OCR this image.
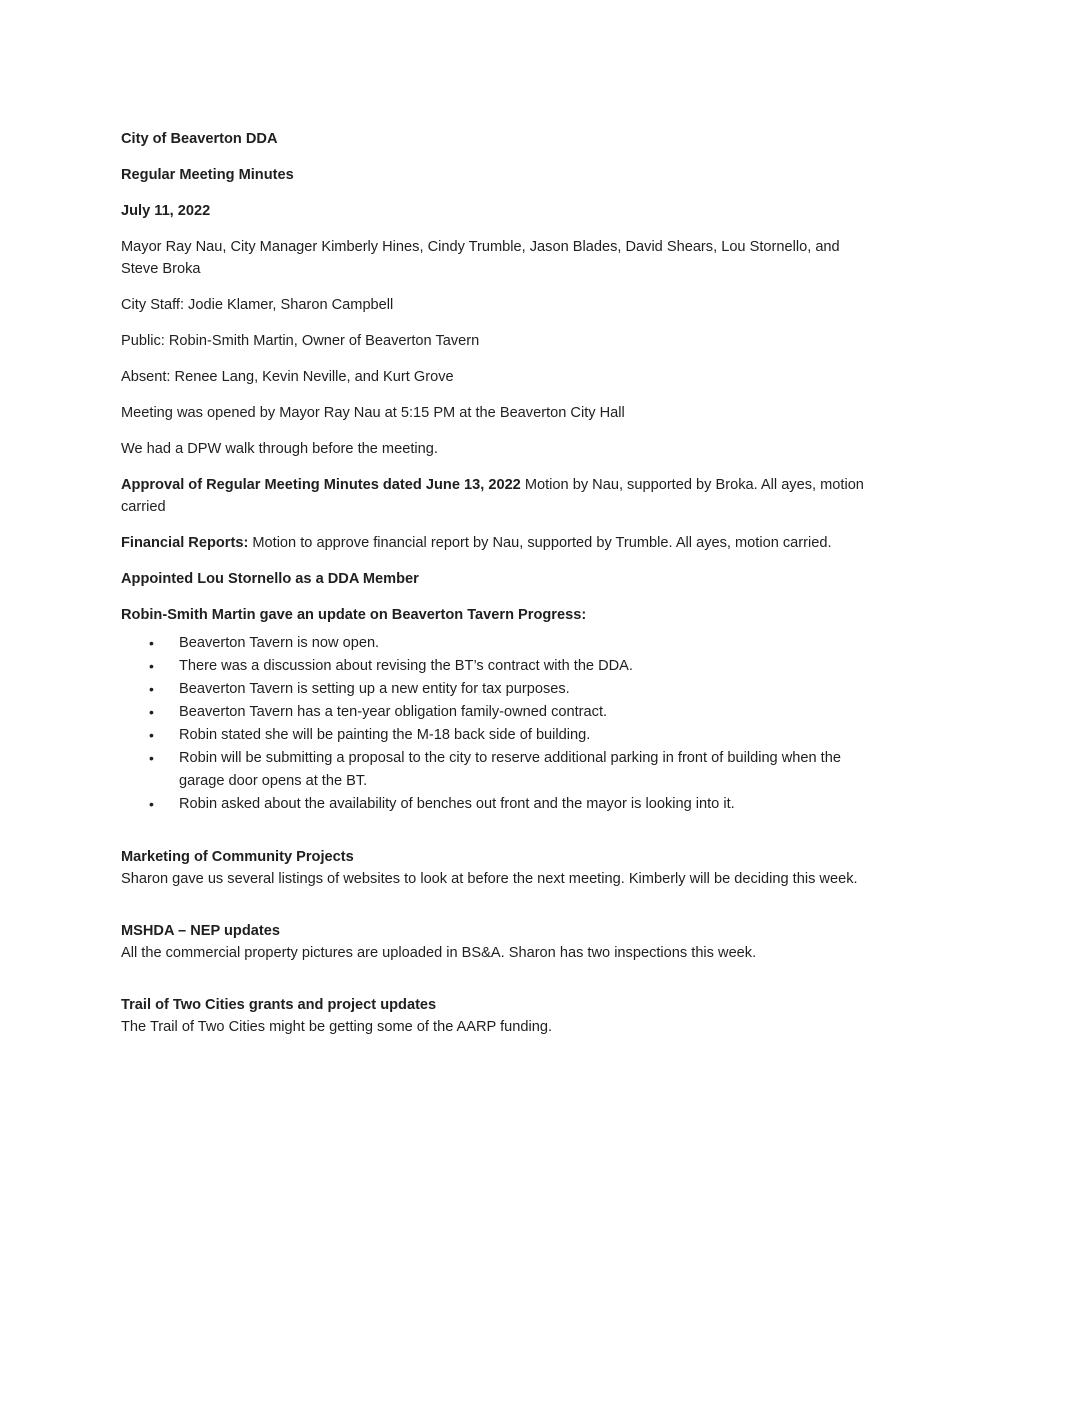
City of Beaverton DDA

Regular Meeting Minutes

July 11, 2022

Mayor Ray Nau, City Manager Kimberly Hines, Cindy Trumble, Jason Blades, David Shears, Lou Stornello, and Steve Broka

City Staff: Jodie Klamer, Sharon Campbell

Public: Robin-Smith Martin, Owner of Beaverton Tavern

Absent: Renee Lang, Kevin Neville, and Kurt Grove

Meeting was opened by Mayor Ray Nau at 5:15 PM at the Beaverton City Hall

We had a DPW walk through before the meeting.

Approval of Regular Meeting Minutes dated June 13, 2022 Motion by Nau, supported by Broka. All ayes, motion carried

Financial Reports: Motion to approve financial report by Nau, supported by Trumble. All ayes, motion carried.

Appointed Lou Stornello as a DDA Member

Robin-Smith Martin gave an update on Beaverton Tavern Progress:

• Beaverton Tavern is now open.
• There was a discussion about revising the BT’s contract with the DDA.
• Beaverton Tavern is setting up a new entity for tax purposes.
• Beaverton Tavern has a ten-year obligation family-owned contract.
• Robin stated she will be painting the M-18 back side of building.
• Robin will be submitting a proposal to the city to reserve additional parking in front of building when the garage door opens at the BT.
• Robin asked about the availability of benches out front and the mayor is looking into it.

Marketing of Community Projects

Sharon gave us several listings of websites to look at before the next meeting. Kimberly will be deciding this week.

MSHDA – NEP updates

All the commercial property pictures are uploaded in BS&A. Sharon has two inspections this week.

Trail of Two Cities grants and project updates

The Trail of Two Cities might be getting some of the AARP funding.
